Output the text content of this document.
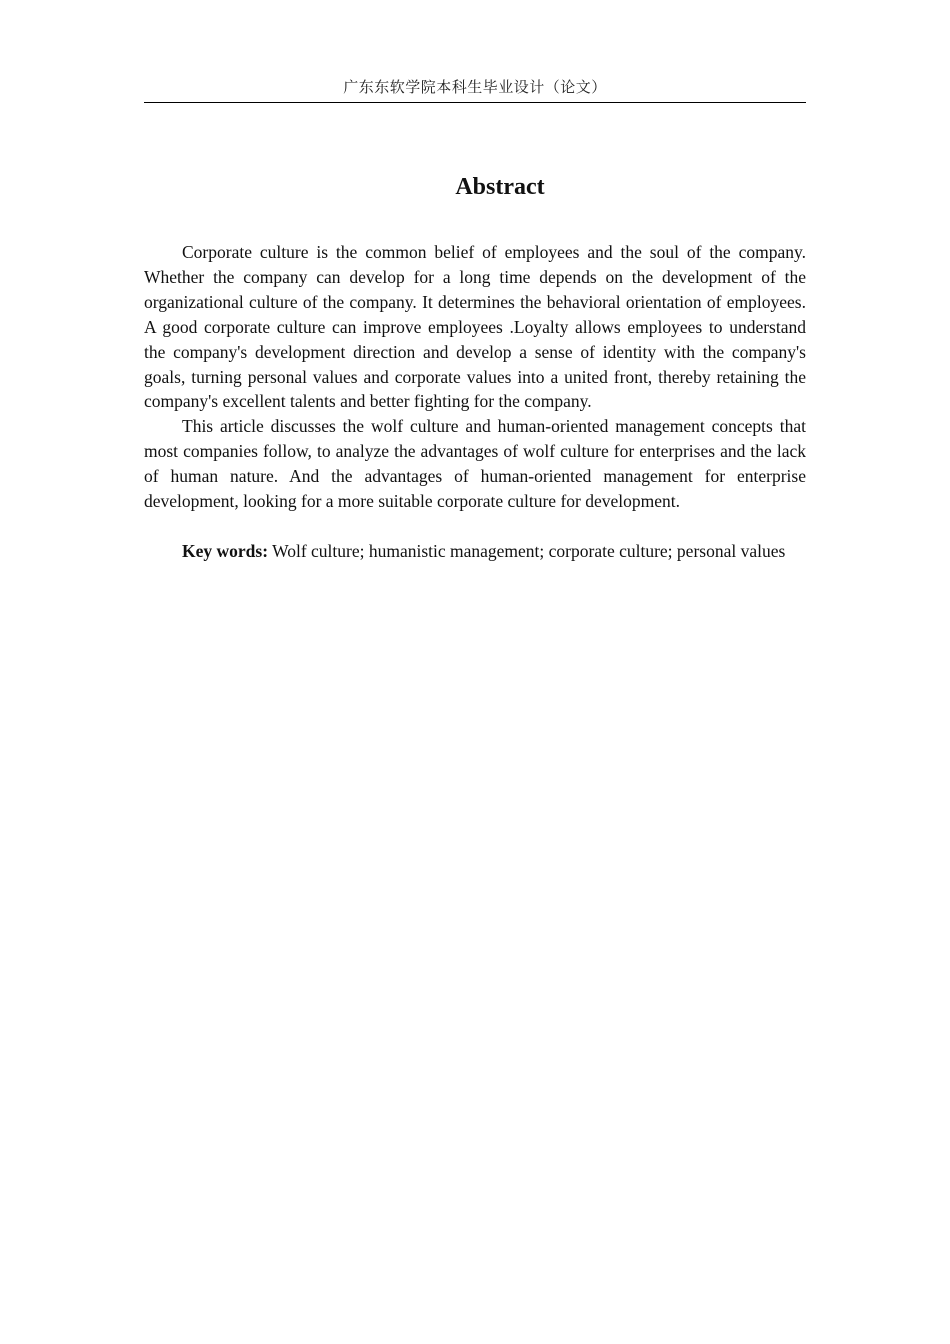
广东东软学院本科生毕业设计（论文）
Abstract

Corporate culture is the common belief of employees and the soul of the company. Whether the company can develop for a long time depends on the development of the organizational culture of the company. It determines the behavioral orientation of employees. A good corporate culture can improve employees .Loyalty allows employees to understand the company's development direction and develop a sense of identity with the company's goals, turning personal values and corporate values into a united front, thereby retaining the company's excellent talents and better fighting for the company.

This article discusses the wolf culture and human-oriented management concepts that most companies follow, to analyze the advantages of wolf culture for enterprises and the lack of human nature. And the advantages of human-oriented management for enterprise development, looking for a more suitable corporate culture for development.

Key words: Wolf culture; humanistic management; corporate culture; personal values
